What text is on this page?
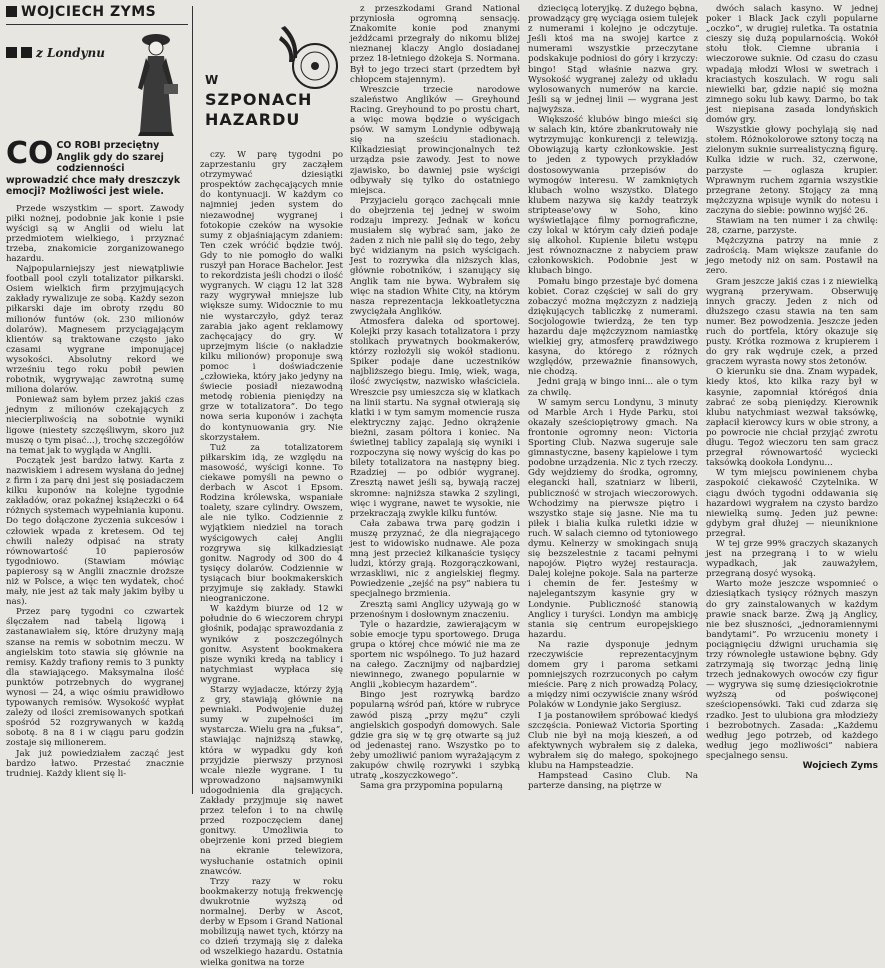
WOJCIECH ZYMS
z Londynu
W
SZPONACH
HAZARDU
CO CO ROBI przeciętny Anglik gdy do szarej codzienności wprowadzić chce mały dreszczyk emocji? Możliwości jest wiele.

Przede wszystkim — sport. Zawody piłki nożnej, podobnie jak konie i psie wyścigi są w Anglii od wielu lat przedmiotem wielkiego, i przyznać trzeba, znakomicie zorganizowanego hazardu.

Najpopularniejszy jest niewątpliwie football pool czyli totalizator piłkarski. Osiem wielkich firm przyjmujących zakłady rywalizuje ze sobą. Każdy sezon piłkarski daje im obroty rzędu 80 milionów funtów (ok. 230 milionów dolarów). Magnesem przyciągającym klientów są traktowane często jako czasami wygrane imponującej wysokości. Absolutny rekord we wrześniu tego roku pobił pewien robotnik, wygrywając zawrotną sumę miliona dolarów.

Ponieważ sam byłem przez jakiś czas jednym z milionów czekających z niecierpliwością na sobotnie wyniki ligowe (niestety szczęśliwym, skoro już muszę o tym pisać...), trochę szczegółów na temat jak to wygląda w Anglii.

Początek jest bardzo łatwy. Karta z nazwiskiem i adresem wysłana do jednej z firm i za parę dni jest się posiadaczem kilku kuponów na kolejne tygodnie zakładów, oraz pokaźnej książeczki o 64 różnych systemach wypełniania kuponu. Do tego dołączone życzenia sukcesów i człowiek wpada z kretesem. Od tej chwili należy odpisać na straty równowartość 10 papierosów tygodniowo. (Stawiam mówiąc papierosy są w Anglii znacznie droższe niż w Polsce, a więc ten wydatek, choć mały, nie jest aż tak mały jakim byłby u nas).

Przez parę tygodni co czwartek ślęczałem nad tabelą ligową i zastanawiałem się, które drużyny mają szanse na remis w sobotnim meczu. W angielskim toto stawia się głównie na remisy. Każdy trafiony remis to 3 punkty dla stawiającego. Maksymalna ilość punktów potrzebnych do wygranej wynosi — 24, a więc ośmiu prawidłowo typowanych remisów. Wysokość wypłat zależy od ilości zremisowanych spotkań spośród 52 rozgrywanych w każdą sobotę. 8 na 8 i w ciągu paru godzin zostaje się milionerem.

Jak już powiedziałem zacząć jest bardzo łatwo. Przestać znacznie trudniej. Każdy klient się li-

czy. W parę tygodni po zaprzestaniu gry zacząłem otrzymywać dziesiątki prospektów zachęcających mnie do kontynuacji. W każdym co najmniej jeden system do niezawodnej wygranej i fotokopie czeków na wysokie sumy z objaśniającym zdaniem: Ten czek wróćić będzie twój. Gdy to nie pomogło do walki ruszył pan Horace Bachelor. Jest to rekordzista jeśli chodzi o ilość wygranych. W ciągu 12 lat 328 razy wygrywał mniejsze lub większe sumy. Widocznie to mu nie wystarczyło, gdyż teraz zarabia jako agent reklamowy zachęcający do gry. W uprzejmym liście (o nakładzie kilku milionów) proponuje swą pomoc i doświadczenie „człowieka, który jako jedyny na świecie posiadł niezawodną metodę robienia pieniędzy na grze w totalizatora”. Do tego nowa seria kuponów i zachęta do kontynuowania gry. Nie skorzystałem.

Tuż za totalizatorem piłkarskim idą, ze względu na masowość, wyścigi konne. To ciekawe pomyśli na pewno o derbach w Ascot i Epsom. Rodzina królewska, wspaniałe toalety, szare cylindry. Owszem, ale nie tylko. Codziennie z wyjątkiem niedziel na torach wyścigowych całej Anglii rozgrywa się kilkadziesiąt gonitw. Nagrody od 300 do 4 tysięcy dolarów. Codziennie w tysiącach biur bookmakerskich przyjmuje się zakłady. Stawki nieograniczone.

W każdym biurze od 12 w południe do 6 wieczorem chrypi głośnik, podając sprawozdania z wyników z poszczególnych gonitw. Asystent bookmakera pisze wyniki kredą na tablicy i natychmiast wypłaca się wygrane.

Starzy wyjadacze, którzy żyją z gry, stawiają głównie na pewniaki. Podwojenie dużej sumy w zupełności im wystarcza. Wielu gra na „fuksa”, stawiając najniższą stawkę, która w wypadku gdy koń przyjdzie pierwszy przynosi wcale niezłe wygrane. I tu wprowadzono najsamwyniki udogodnienia dla grających. Zakłady przyjmuje się nawet przez telefon i to na chwilę przed rozpoczęciem danej gonitwy. Umożliwia to obejrzenie koni przed biegiem na ekranie telewizora, wysłuchanie ostatnich opinii znawców.

Trzy razy w roku bookmakerzy notują frekwencję dwukrotnie wyższą od normalnej. Derby w Ascot, derby w Epsom i Grand National mobilizują nawet tych, którzy na co dzień trzymają się z daleka od wszelkiego hazardu. Ostatnia wielka gonitwa na torze

z przeszkodami Grand National przyniosła ogromną sensację. Znakomite konie pod znanymi jeźdźcami przegrały do nikomu bliżej nieznanej klaczy Anglo dosiadanej przez 18-letniego dżokeja S. Normana. Był to jego trzeci start (przedtem był chłopcem stajennym).

Wreszcie trzecie narodowe szaleństwo Anglików — Greyhound Racing. Greyhound to po prostu chart, a więc mowa będzie o wyścigach psów. W samym Londynie odbywają się na sześciu stadionach. Kilkadziesiąt prowincjonalnych też urządza psie zawody. Jest to nowe zjawisko, bo dawniej psie wyścigi odbywały się tylko do ostatniego miejsca.

Przyjacielu gorąco zachęcali mnie do obejrzenia tej jednej w swoim rodzaju imprezy. Jednak w końcu musiałem się wybrać sam, jako że żaden z nich nie palił się do tego, żeby być widzianym na psich wyścigach. Jest to rozrywka dla niższych klas, głównie robotników, i szanujący się Anglik tam nie bywa. Wybrałem się więc na stadion White City, na którym nasza reprezentacja lekkoatletyczna zwyciężała Anglików.

Atmosfera daleka od sportowej. Kolejki przy kasach totalizatora i przy stolikach prywatnych bookmakerów, którzy rozłożyli się wokół stadionu. Spiker podaje dane uczestników najbliższego biegu. Imię, wiek, waga, ilość zwycięstw, nazwisko właściciela. Wreszcie psy umieszcza się w klatkach na linii startu. Na sygnał otwierają się klatki i w tym samym momencie rusza elektryczny zając. Jedno okrążenie bieżni, zasam póltora i koniec. Na świetlnej tablicy zapalają się wyniki i rozpoczyna się nowy wyścig do kas po bilety totalizatora na następny bieg. Rzadziej — po odbiór wygranej. Zresztą nawet jeśli są, bywają raczej skromne: najniższa stawka 2 szylingi, więc i wygrane, nawet te wysokie, nie przekraczają zwykle kilku funtów.

Cała zabawa trwa parę godzin i muszę przyznać, że dla niegrającego jest to widowisko nudnawe. Ale poza mną jest przecież kilkanaście tysięcy ludzi, którzy grają. Rozgorączkowani, wrzaskliwi, nic z angielskiej flegmy. Powiedzenie „zejść na psy” nabiera tu specjalnego brzmienia.

Zresztą sami Anglicy używają go w przenośnym i dosłownym znaczeniu.

Tyle o hazardzie, zawierającym w sobie emocje typu sportowego. Druga grupa o której chce mówić nie ma ze sportem nic wspólnego. To już hazard na całego. Zacznijmy od najbardziej niewinnego, zwanego popularnie w Anglii „kobiecym hazardem”.

Bingo jest rozrywką bardzo popularną wśród pań, które w rubryce zawód piszą „przy mężu” czyli angielskich gospodyń domowych. Sale gdzie gra się w tę grę otwarte są już od jedenastej rano. Wszystko po to żeby umożliwić paniom wyrażającym z zakupów chwilę rozrywki i szybką utratę „koszyczkowego”.

Sama gra przypomina popularną

dziecięcą loteryjkę. Z dużego bębna, prowadzący grę wyciąga osiem tulejek z numerami i kolejno je odczytuje. Jeśli ktoś ma na swojej kartce z numerami wszystkie przeczytane podskakuje podniosi do góry i krzyczy: bingo! Stąd właśnie nazwa gry. Wysokość wygranej zależy od układu wylosowanych numerów na karcie. Jeśli są w jednej linii — wygrana jest najwyższa.

Większość klubów bingo mieści się w salach kin, które zbankrutowały nie wytrzymując konkurencji z telewizją. Obowiązują karty członkowskie. Jest to jeden z typowych przykładów dostosowywania przepisów do wymogów interesu. W zamkniętych klubach wolno wszystko. Dlatego klubem nazywa się każdy teatrzyk striptease'owy w Soho, kino wyświetlające filmy pornograficzne, czy lokal w którym cały dzień podaje się alkohol. Kupienie biletu wstępu jest równoznaczne z nabyciem praw członkowskich. Podobnie jest w klubach bingo.

Pomału bingo przestaje być domena kobiet. Coraz częściej w sali do gry zobaczyć można mężczyzn z nadzieją dziękujących tabliczkę z numerami. Socjologowie twierdzą, że ten typ hazardu daje mężczyznom namiastkę wielkiej gry, atmosferę prawdziwego kasyna, do którego z różnych względów, przeważnie finansowych, nie chodzą.

Jedni grają w bingo inni... ale o tym za chwilę.

W samym sercu Londynu, 3 minuty od Marble Arch i Hyde Parku, stoi okazały sześciopiętrowy gmach. Na frontonie ogromny neon: Victoria Sporting Club. Nazwa sugeruje sale gimnastyczne, baseny kąpielowe i tym podobne urządzenia. Nic z tych rzeczy. Gdy wejdziemy do środka, ogromny, elegancki hall, szatniarz w liberii, publiczność w strojach wieczorowych. Wchodzimy na pierwsze piętro i wszystko staje się jasne. Nie ma tu piłek i bialia kulka ruletki idzie w ruch. W salach ciemno od tytoniowego dymu. Kelnerzy w smokingach snują się bezszelestnie z tacami pełnymi napojów. Piętro wyżej restauracja. Dalej kolejne pokoje. Sala na parterze i chemin de fer. Jesteśmy w najelegantszym kasynie gry w Londynie. Publiczność stanowią Anglicy i turyści. Londyn ma ambicję stania się centrum europejskiego hazardu.

Na razie dysponuje jednym rzeczywiście reprezentacyjnym domem gry i paroma setkami pomniejszych rozrzuconych po całym mieście. Parę z nich prowadzą Polacy, a między nimi oczywiście znany wśród Polaków w Londynie jako Sergiusz.

I ja postanowiłem spróbować kiedyś szczęścia. Ponieważ Victoria Sporting Club nie był na moją kieszeń, a od afektywnych wybrałem się z daleka, wybrałem się do małego, spokojnego klubu na Hampsteadzie.

Hampstead Casino Club. Na parterze dansing, na piętrze w

dwóch salach kasyno. W jednej poker i Black Jack czyli popularne „oczko”, w drugiej ruletka. Ta ostatnia cieszy się dużą popularnością. Wokół stołu tłok. Ciemne ubrania i wieczorowe suknie. Od czasu do czasu wpadają młodzi Włosi w swetrach i kraciastych koszulach. W rogu sali niewielki bar, gdzie napić się można zimnego soku lub kawy. Darmo, bo tak jest niepisana zasada londyńskich domów gry.

Wszystkie głowy pochylają się nad stołem. Różnokolorowe sztony toczą na zielonym suknie surrealistyczną figurę. Kulka idzie w ruch. 32, czerwone, parzyste — oglasza krupier. Wprawnym ruchem zgarnia wszystkie przegrane żetony. Stojący za mną mężczyzna wpisuje wynik do notesu i zaczyna do siebie: powinno wyjść 26.

Stawiam na ten numer i za chwilę: 28, czarne, parzyste.

Mężczyzna patrzy na mnie z zadrością. Mam większe zaufanie do jego metody niż on sam. Postawił na zero.

Gram jeszcze jakiś czas i z niewielką wygraną przerywam. Obserwuję innych graczy. Jeden z nich od dłuższego czasu stawia na ten sam numer. Bez powodzenia. Jeszcze jeden ruch do portfela, który okazuje się pusty. Krótka rozmowa z krupierem i do gry rak wędruje czek, a przed graczem wyrasta nowy stos żetonów.

O kierunku sie dna. Znam wypadek, kiedy ktoś, kto kilka razy był w kasynie, zapomniał którégoś dnia zabrać ze sobą pieniędzy. Kierownik klubu natychmiast wezwał taksówkę, zapłacił kierowcy kurs w obie strony, a po powrocie nie chciał przyjąć zwrotu długu. Tegoż wieczoru ten sam gracz przegrał równowartość wyciecki taksówką dookoła Londynu...

W tym miejscu powinienem chyba zaspokoić ciekawość Czytelnika. W ciągu dwóch tygodni oddawania się hazardowi wygrałem na czysto bardzo niewielką sumę. Jeden już pewne: gdybym grał dłużej — nieuniknione przegrał.

W tej grze 99% graczych skazanych jest na przegraną i to w wielu wypadkach, jak zauważyłem, przegraną dosyć wysoką.

Warto może jeszcze wspomnieć o dziesiątkach tysięcy różnych maszyn do gry zainstalowanych w każdym prawie snack barze. Żwą ją Anglicy, nie bez słuszności, „jednoramiennymi bandytami”. Po wrzuceniu monety i pociągnięciu dźwigni uruchamia się trzy równoległe ustawione bębny. Gdy zatrzymają się tworząc jedną linię trzech jednakowych owoców czy figur — wygrywa się sumę dziesięciokrotnie wyższą od poświęconej sześciopensówki. Taki cud zdarza się rzadko. Jest to ulubiona gra młodzieży i bezrobotnych. Zasada: „Każdemu według jego potrzeb, od każdego według jego możliwości” nabiera specjalnego sensu.

Wojciech Zyms
